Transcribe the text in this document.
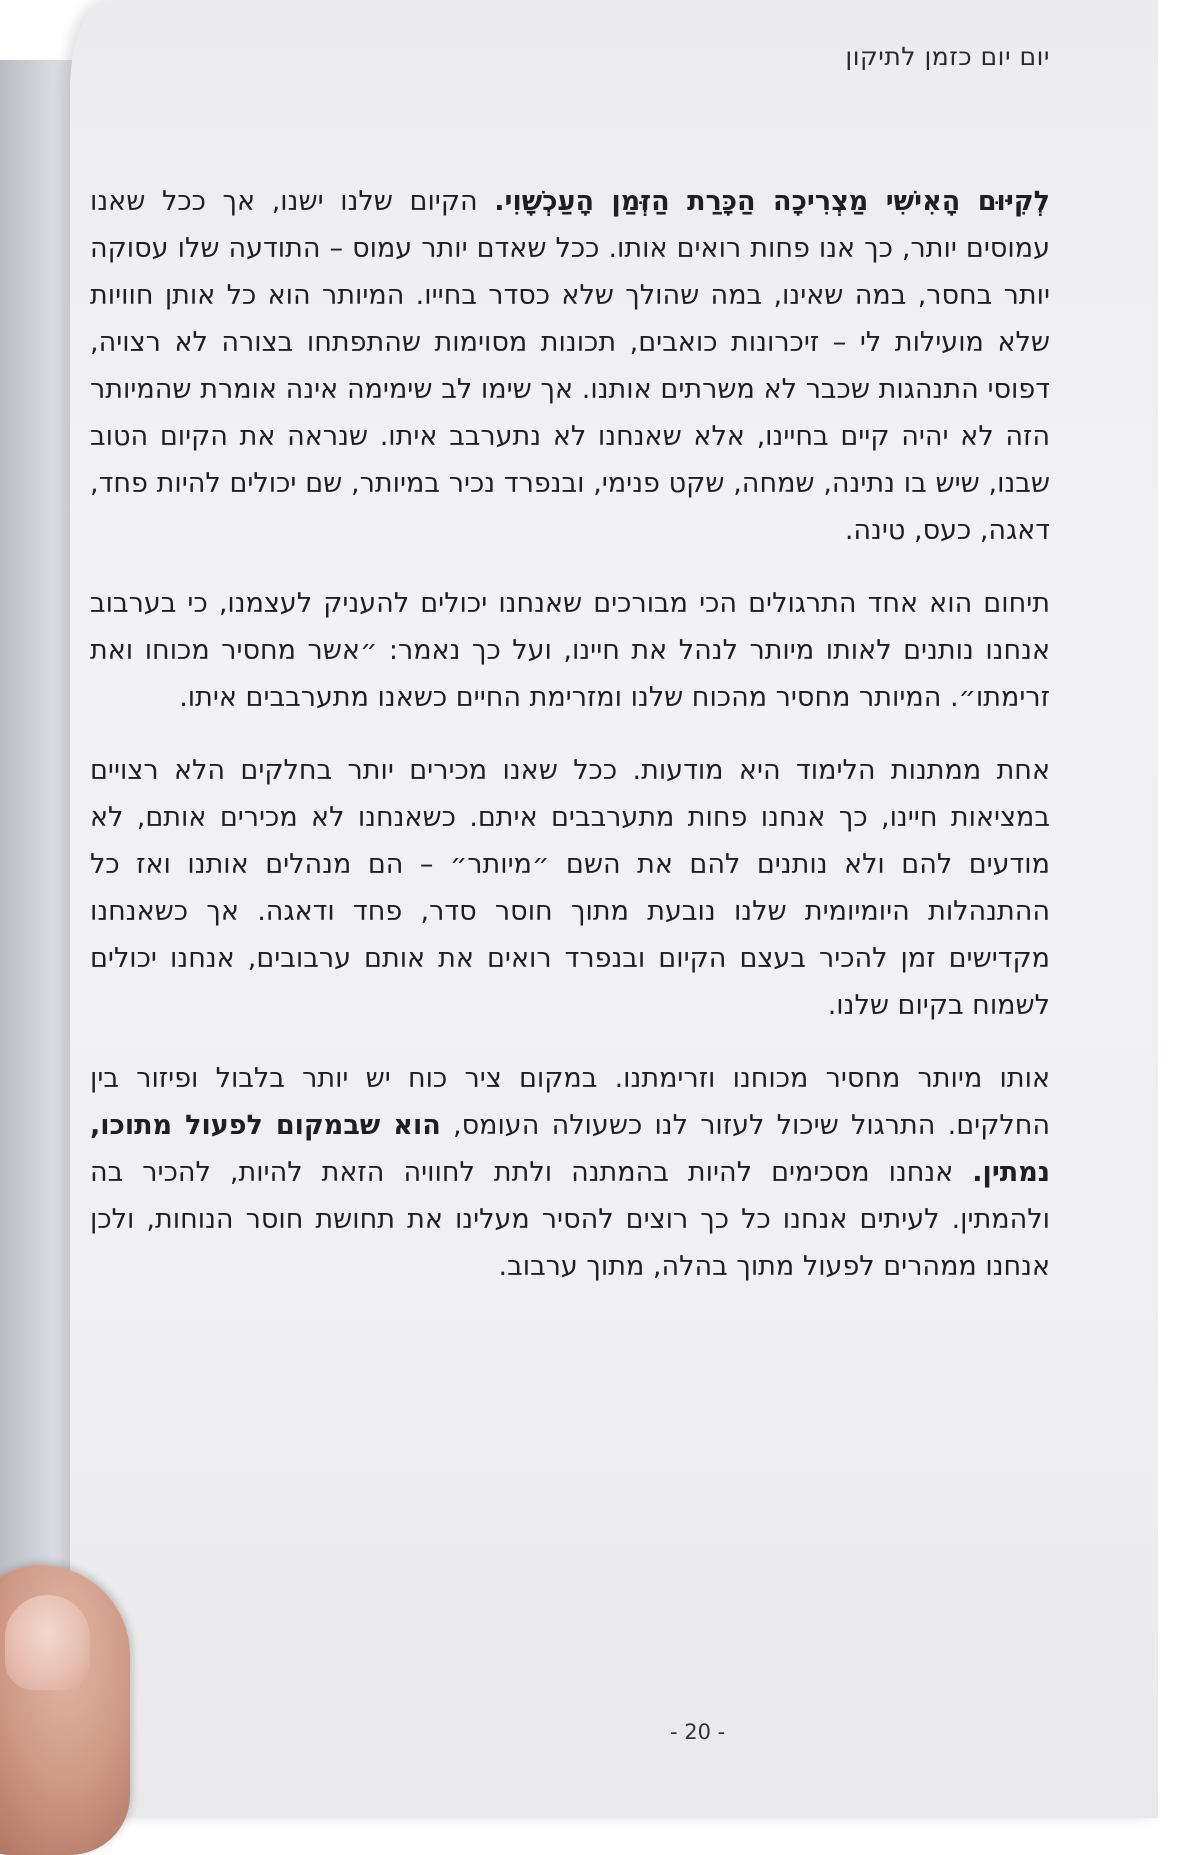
יום יום כזמן לתיקון

לְקִיּוּם הָאִישִׁי מַצְרִיכָה הַכָּרַת הַזְּמַן הָעַכְשָׁוִי. הקיום שלנו ישנו, אך ככל שאנו עמוסים יותר, כך אנו פחות רואים אותו. ככל שאדם יותר עמוס – התודעה שלו עסוקה יותר בחסר, במה שאינו, במה שהולך שלא כסדר בחייו. המיותר הוא כל אותן חוויות שלא מועילות לי – זיכרונות כואבים, תכונות מסוימות שהתפתחו בצורה לא רצויה, דפוסי התנהגות שכבר לא משרתים אותנו. אך שימו לב שימימה אינה אומרת שהמיותר הזה לא יהיה קיים בחיינו, אלא שאנחנו לא נתערבב איתו. שנראה את הקיום הטוב שבנו, שיש בו נתינה, שמחה, שקט פנימי, ובנפרד נכיר במיותר, שם יכולים להיות פחד, דאגה, כעס, טינה.

תיחום הוא אחד התרגולים הכי מבורכים שאנחנו יכולים להעניק לעצמנו, כי בערבוב אנחנו נותנים לאותו מיותר לנהל את חיינו, ועל כך נאמר: ״אשר מחסיר מכוחו ואת זרימתו״. המיותר מחסיר מהכוח שלנו ומזרימת החיים כשאנו מתערבבים איתו.

אחת ממתנות הלימוד היא מודעות. ככל שאנו מכירים יותר בחלקים הלא רצויים במציאות חיינו, כך אנחנו פחות מתערבבים איתם. כשאנחנו לא מכירים אותם, לא מודעים להם ולא נותנים להם את השם ״מיותר״ – הם מנהלים אותנו ואז כל ההתנהלות היומיומית שלנו נובעת מתוך חוסר סדר, פחד ודאגה. אך כשאנחנו מקדישים זמן להכיר בעצם הקיום ובנפרד רואים את אותם ערבובים, אנחנו יכולים לשמוח בקיום שלנו.

אותו מיותר מחסיר מכוחנו וזרימתנו. במקום ציר כוח יש יותר בלבול ופיזור בין החלקים. התרגול שיכול לעזור לנו כשעולה העומס, הוא שבמקום לפעול מתוכו, נמתין. אנחנו מסכימים להיות בהמתנה ולתת לחוויה הזאת להיות, להכיר בה ולהמתין. לעיתים אנחנו כל כך רוצים להסיר מעלינו את תחושת חוסר הנוחות, ולכן אנחנו ממהרים לפעול מתוך בהלה, מתוך ערבוב.

- 20 -
